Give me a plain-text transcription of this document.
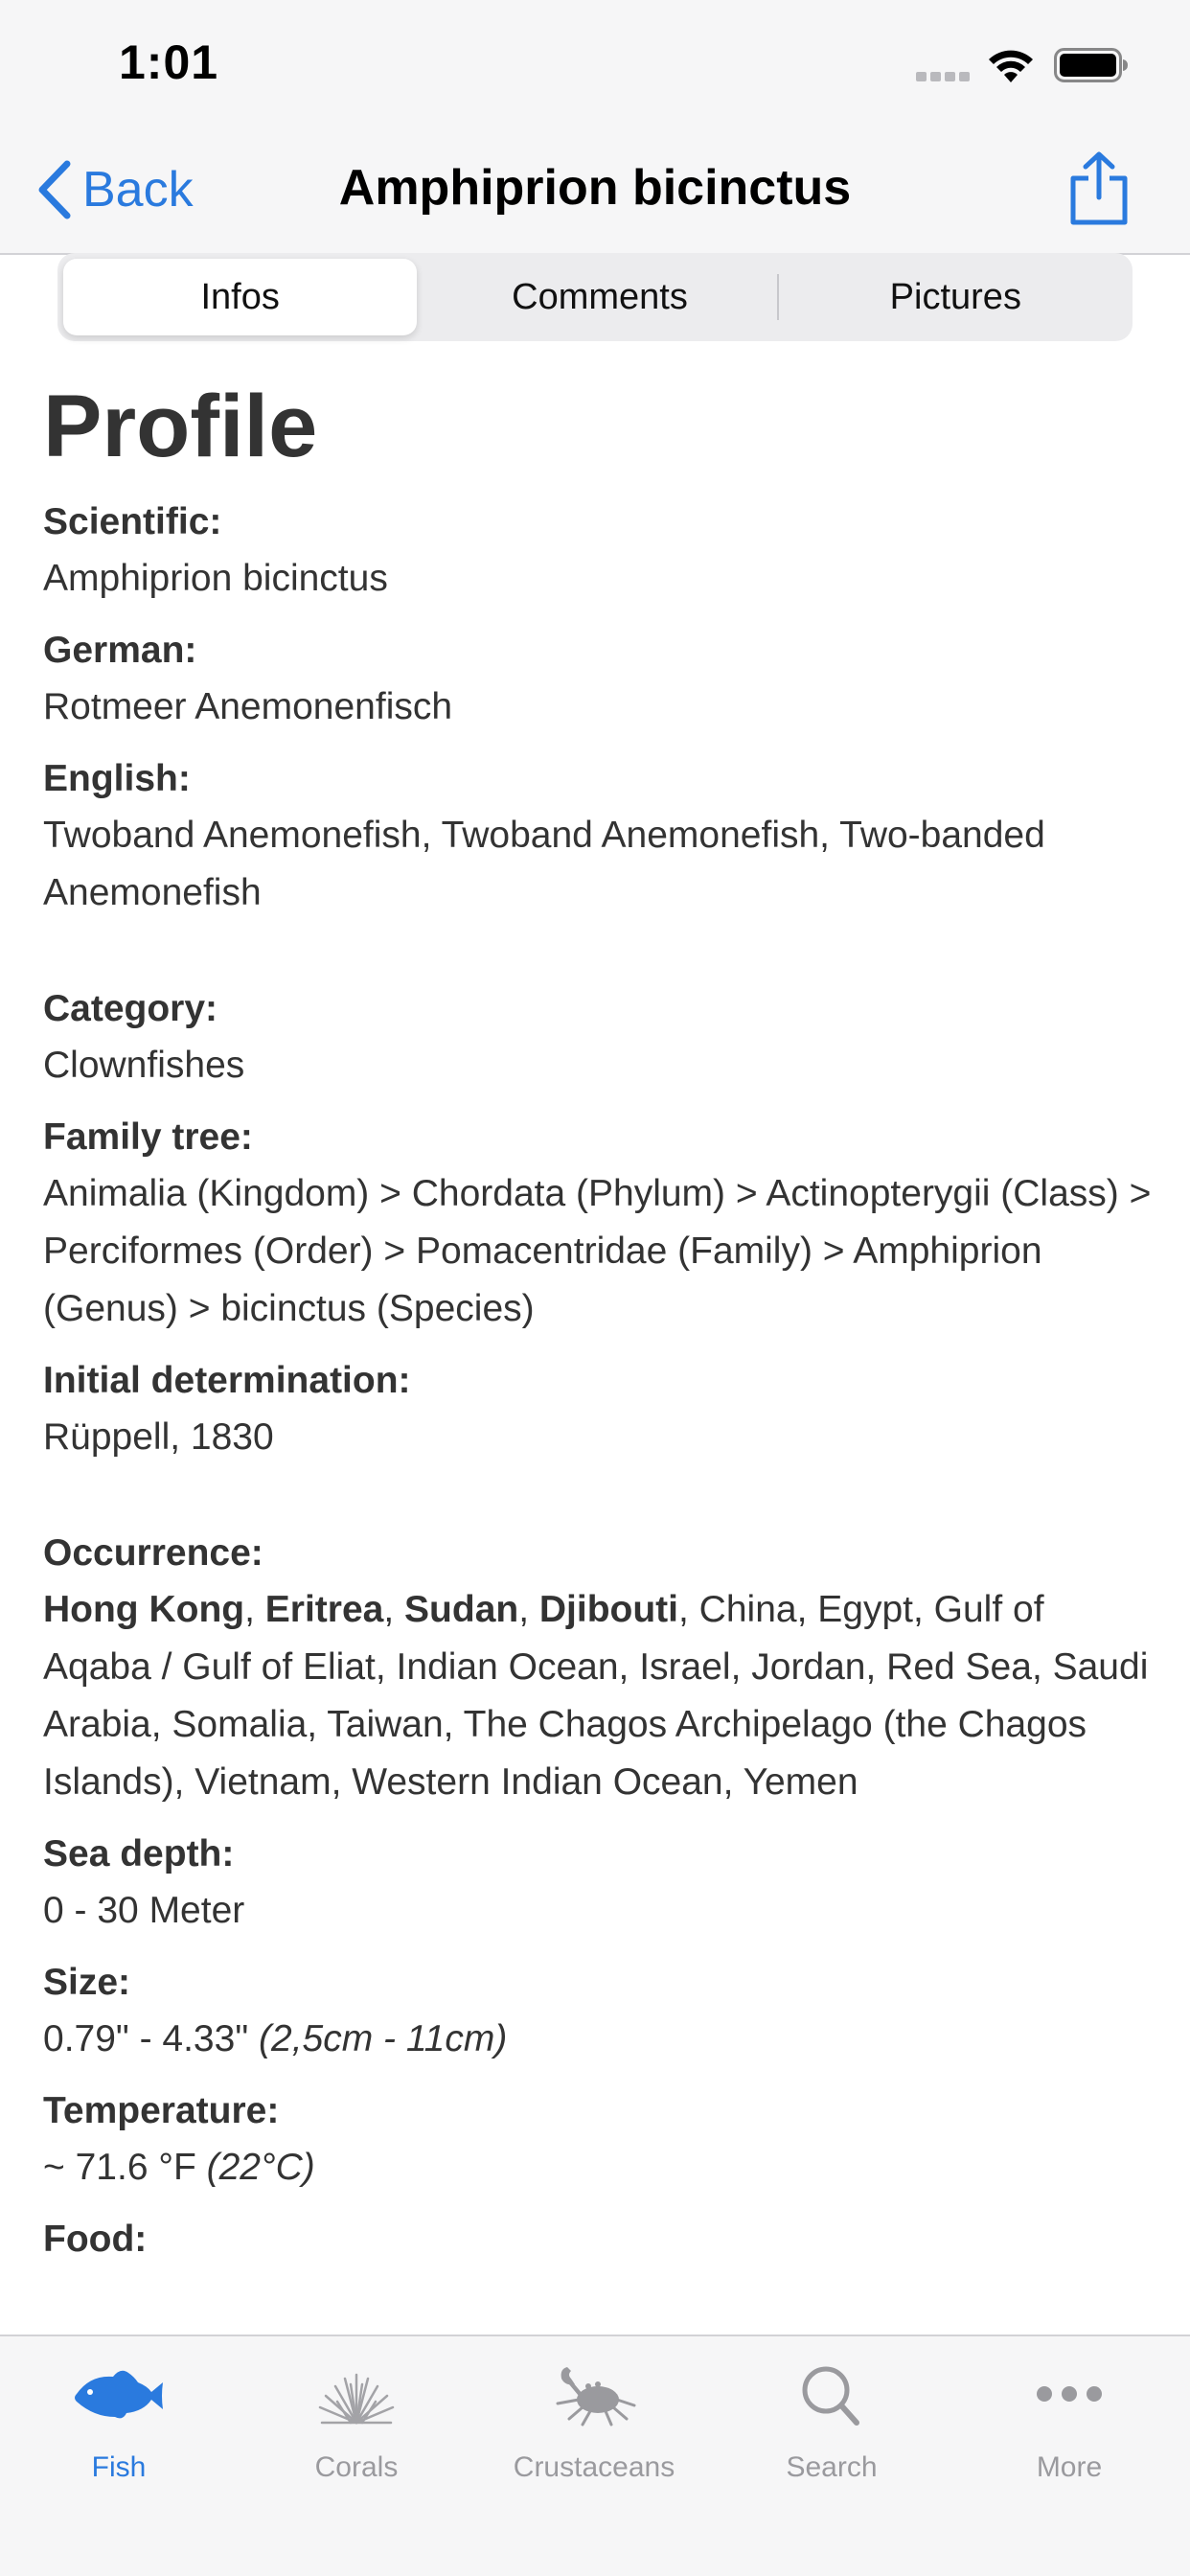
1:01
Back	Amphiprion bicinctus
Infos	Comments	Pictures
Profile
Scientific:
Amphiprion bicinctus
German:
Rotmeer Anemonenfisch
English:
Twoband Anemonefish, Twoband Anemonefish, Two-banded Anemonefish
Category:
Clownfishes
Family tree:
Animalia (Kingdom) > Chordata (Phylum) > Actinopterygii (Class) > Perciformes (Order) > Pomacentridae (Family) > Amphiprion (Genus) > bicinctus (Species)
Initial determination:
Rüppell, 1830
Occurrence:
Hong Kong, Eritrea, Sudan, Djibouti, China, Egypt, Gulf of Aqaba / Gulf of Eliat, Indian Ocean, Israel, Jordan, Red Sea, Saudi Arabia, Somalia, Taiwan, The Chagos Archipelago (the Chagos Islands), Vietnam, Western Indian Ocean, Yemen
Sea depth:
0 - 30 Meter
Size:
0.79" - 4.33" (2,5cm - 11cm)
Temperature:
~ 71.6 °F (22°C)
Food:
Fish	Corals	Crustaceans	Search	More
